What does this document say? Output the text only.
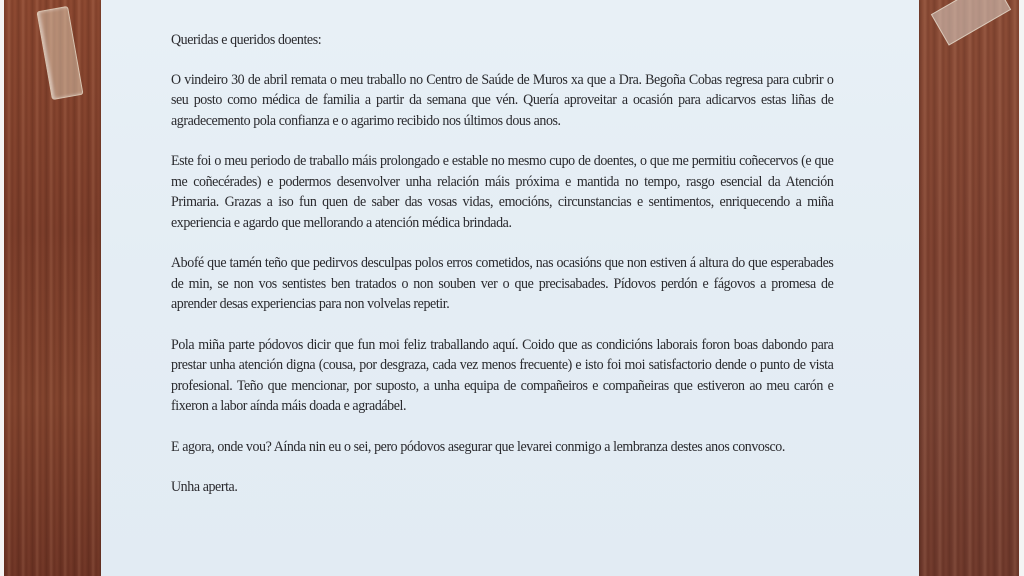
Queridas e queridos doentes:

O vindeiro 30 de abril remata o meu traballo no Centro de Saúde de Muros xa que a Dra. Begoña Cobas regresa para cubrir o seu posto como médica de familia a partir da semana que vén. Quería aproveitar a ocasión para adicarvos estas liñas de agradecemento pola confianza e o agarimo recibido nos últimos dous anos.

Este foi o meu periodo de traballo máis prolongado e estable no mesmo cupo de doentes, o que me permitiu coñecervos (e que me coñecérades) e podermos desenvolver unha relación máis próxima e mantida no tempo, rasgo esencial da Atención Primaria. Grazas a iso fun quen de saber das vosas vidas, emocións, circunstancias e sentimentos, enriquecendo a miña experiencia e agardo que mellorando a atención médica brindada.

Abofé que tamén teño que pedirvos desculpas polos erros cometidos, nas ocasións que non estiven á altura do que esperabades de min, se non vos sentistes ben tratados o non souben ver o que precisabades. Pídovos perdón e fágovos a promesa de aprender desas experiencias para non volvelas repetir.

Pola miña parte pódovos dicir que fun moi feliz traballando aquí. Coido que as condicións laborais foron boas dabondo para prestar unha atención digna (cousa, por desgraza, cada vez menos frecuente) e isto foi moi satisfactorio dende o punto de vista profesional. Teño que mencionar, por suposto, a unha equipa de compañeiros e compañeiras que estiveron ao meu carón e fixeron a labor aínda máis doada e agradábel.

E agora, onde vou? Aínda nin eu o sei, pero pódovos asegurar que levarei conmigo a lembranza destes anos convosco.

Unha aperta.
